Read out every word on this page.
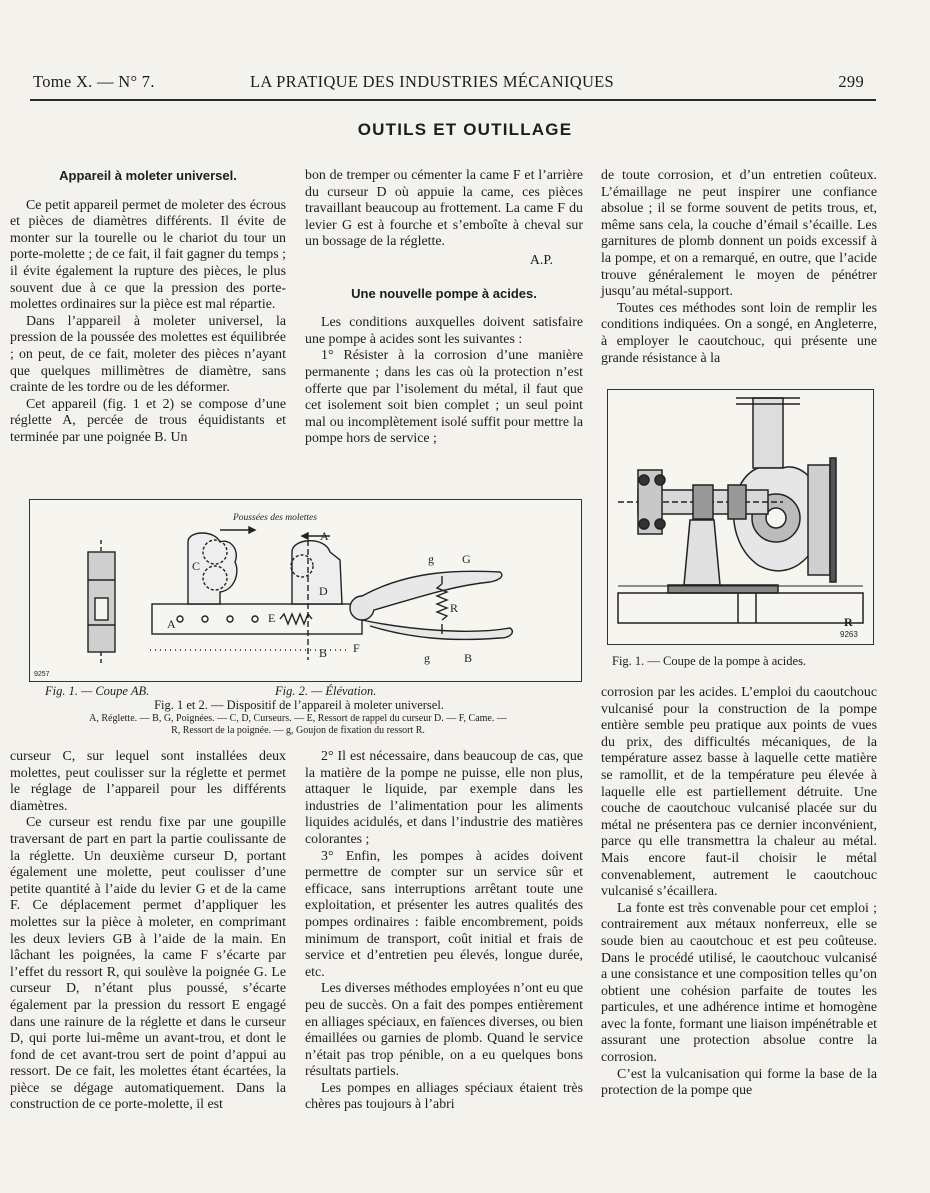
Tome X. — N° 7.	LA PRATIQUE DES INDUSTRIES MÉCANIQUES	299
OUTILS ET OUTILLAGE
Appareil à moleter universel.

Ce petit appareil permet de moleter des écrous et pièces de diamètres différents. Il évite de monter sur la tourelle ou le chariot du tour un porte-molette ; de ce fait, il fait gagner du temps ; il évite également la rupture des pièces, le plus souvent due à ce que la pression des porte-molettes ordinaires sur la pièce est mal répartie.

Dans l’appareil à moleter universel, la pression de la poussée des molettes est équilibrée ; on peut, de ce fait, moleter des pièces n’ayant que quelques millimètres de diamètre, sans crainte de les tordre ou de les déformer.

Cet appareil (fig. 1 et 2) se compose d’une réglette A, percée de trous équidistants et terminée par une poignée B. Un

bon de tremper ou cémenter la came F et l’arrière du curseur D où appuie la came, ces pièces travaillant beaucoup au frottement. La came F du levier G est à fourche et s’emboîte à cheval sur un bossage de la réglette.

A.P.

Une nouvelle pompe à acides.

Les conditions auxquelles doivent satisfaire une pompe à acides sont les suivantes :

1° Résister à la corrosion d’une manière permanente ; dans les cas où la protection n’est offerte que par l’isolement du métal, il faut que cet isolement soit bien complet ; un seul point mal ou incomplètement isolé suffit pour mettre la pompe hors de service ;

de toute corrosion, et d’un entretien coûteux. L’émaillage ne peut inspirer une confiance absolue ; il se forme souvent de petits trous, et, même sans cela, la couche d’émail s’écaille. Les garnitures de plomb donnent un poids excessif à la pompe, et on a remarqué, en outre, que l’acide trouve généralement le moyen de pénétrer jusqu’au métal-support.

Toutes ces méthodes sont loin de remplir les conditions indiquées. On a songé, en Angleterre, à employer le caoutchouc, qui présente une grande résistance à la

9263
R
Fig. 1. — Coupe de la pompe à acides.
Poussées des molettes
C
A	E
D
A
B F
g G
R
g	B
9257
Fig. 1. — Coupe AB.	Fig. 2. — Élévation.
Fig. 1 et 2. — Dispositif de l’appareil à moleter universel.
A, Réglette. — B, G, Poignées. — C, D, Curseurs. — E, Ressort de rappel du curseur D. — F, Came. —
R, Ressort de la poignée. — g, Goujon de fixation du ressort R.

curseur C, sur lequel sont installées deux molettes, peut coulisser sur la réglette et permet le réglage de l’appareil pour les différents diamètres.

Ce curseur est rendu fixe par une goupille traversant de part en part la partie coulissante de la réglette. Un deuxième curseur D, portant également une molette, peut coulisser d’une petite quantité à l’aide du levier G et de la came F. Ce déplacement permet d’appliquer les molettes sur la pièce à moleter, en comprimant les deux leviers GB à l’aide de la main. En lâchant les poignées, la came F s’écarte par l’effet du ressort R, qui soulève la poignée G. Le curseur D, n’étant plus poussé, s’écarte également par la pression du ressort E engagé dans une rainure de la réglette et dans le curseur D, qui porte lui-même un avant-trou, et dont le fond de cet avant-trou sert de point d’appui au ressort. De ce fait, les molettes étant écartées, la pièce se dégage automatiquement. Dans la construction de ce porte-molette, il est

2° Il est nécessaire, dans beaucoup de cas, que la matière de la pompe ne puisse, elle non plus, attaquer le liquide, par exemple dans les industries de l’alimentation pour les aliments liquides acidulés, et dans l’industrie des matières colorantes ;

3° Enfin, les pompes à acides doivent permettre de compter sur un service sûr et efficace, sans interruptions arrêtant toute une exploitation, et présenter les autres qualités des pompes ordinaires : faible encombrement, poids minimum de transport, coût initial et frais de service et d’entretien peu élevés, longue durée, etc.

Les diverses méthodes employées n’ont eu que peu de succès. On a fait des pompes entièrement en alliages spéciaux, en faïences diverses, ou bien émaillées ou garnies de plomb. Quand le service n’était pas trop pénible, on a eu quelques bons résultats partiels.

Les pompes en alliages spéciaux étaient très chères pas toujours à l’abri

corrosion par les acides. L’emploi du caoutchouc vulcanisé pour la construction de la pompe entière semble peu pratique aux points de vues du prix, des difficultés mécaniques, de la température assez basse à laquelle cette matière se ramollit, et de la température peu élevée à laquelle elle est partiellement détruite. Une couche de caoutchouc vulcanisé placée sur du métal ne présentera pas ce dernier inconvénient, parce qu elle transmettra la chaleur au métal. Mais encore faut-il choisir le métal convenablement, autrement le caoutchouc vulcanisé s’écaillera.

La fonte est très convenable pour cet emploi ; contrairement aux métaux nonferreux, elle se soude bien au caoutchouc et est peu coûteuse. Dans le procédé utilisé, le caoutchouc vulcanisé a une consistance et une composition telles qu’on obtient une cohésion parfaite de toutes les particules, et une adhérence intime et homogène avec la fonte, formant une liaison impénétrable et assurant une protection absolue contre la corrosion.

C’est la vulcanisation qui forme la base de la protection de la pompe que
